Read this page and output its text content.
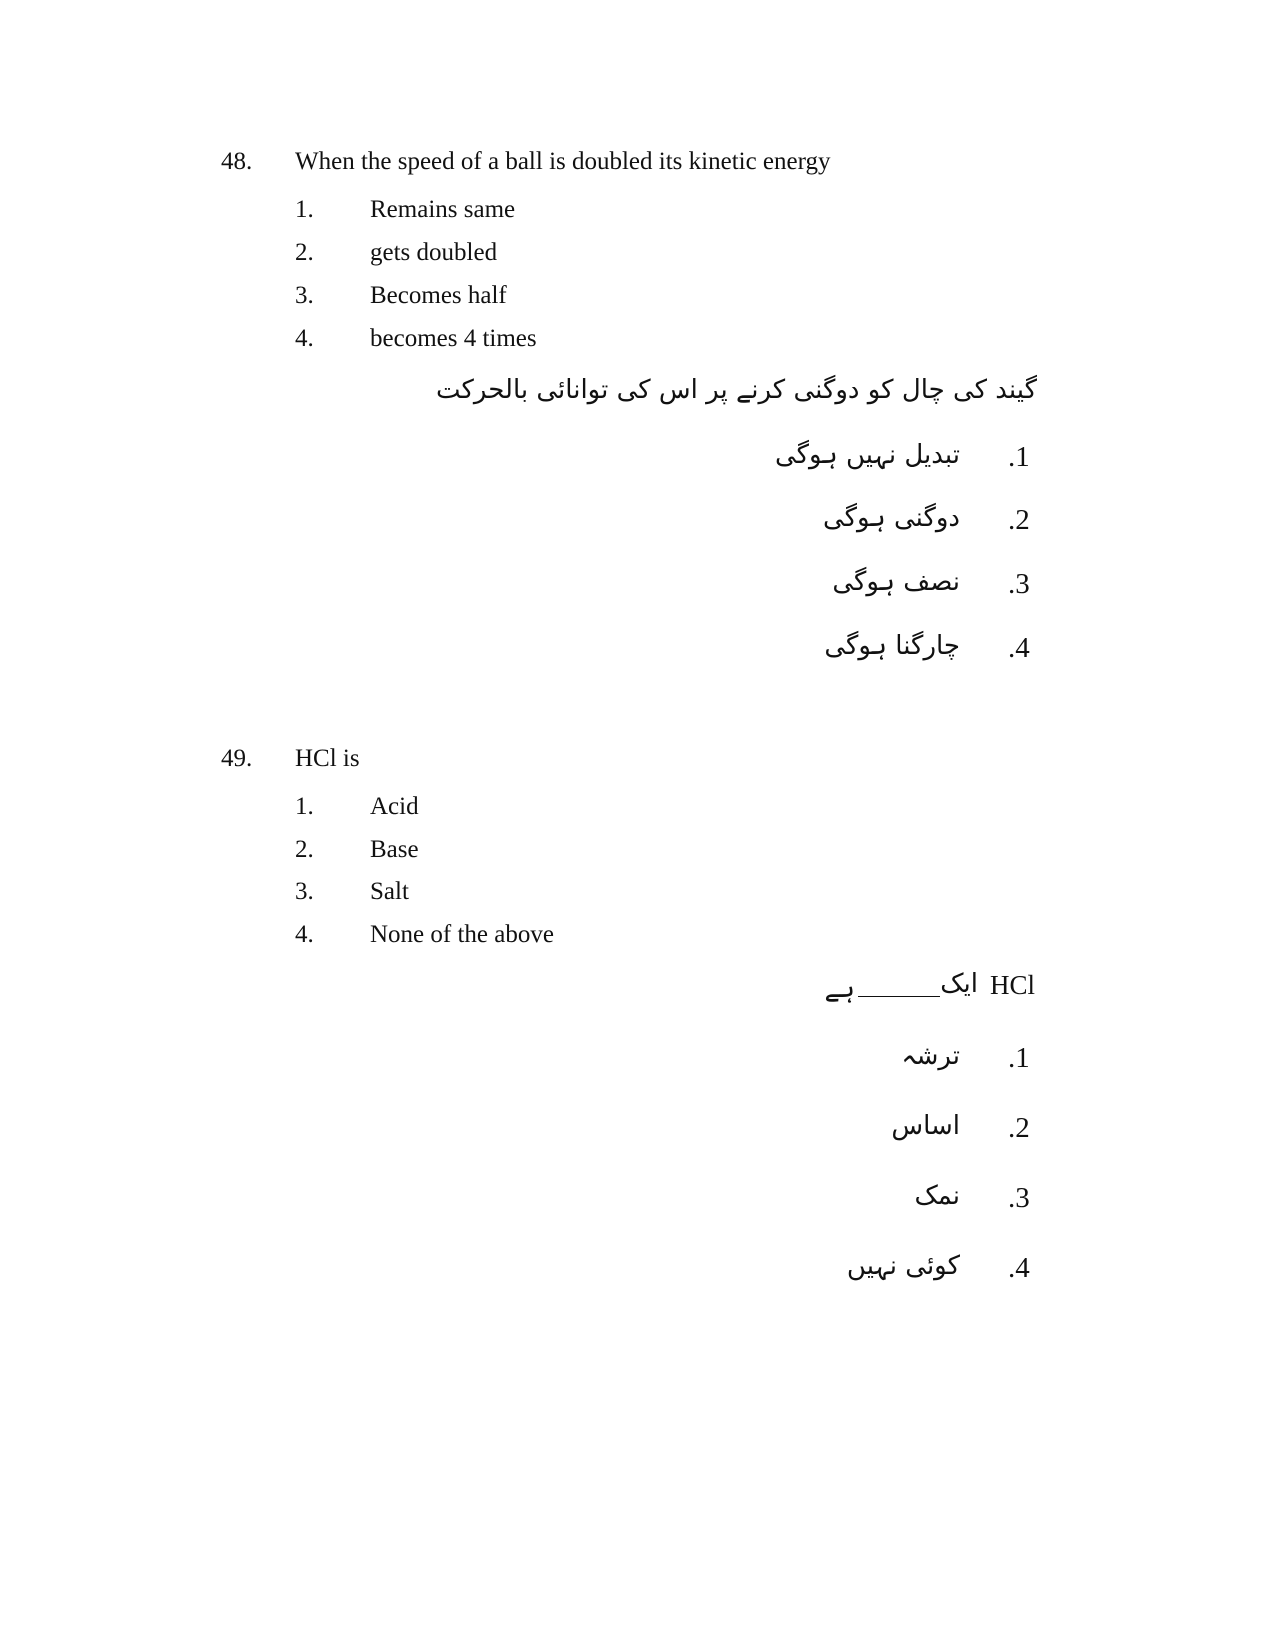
48. When the speed of a ball is doubled its kinetic energy
1. Remains same
2. gets doubled
3. Becomes half
4. becomes 4 times
گیند کی چال کو دوگنی کرنے پر اس کی توانائی بالحرکت
.1
تبدیل نہیں ہوگی
.2
دوگنی ہوگی
.3
نصف ہوگی
.4
چارگنا ہوگی
49. HCl is
1. Acid
2. Base
3. Salt
4. None of the above
HCl
ایک
ہے
.1
ترشہ
.2
اساس
.3
نمک
.4
کوئی نہیں
